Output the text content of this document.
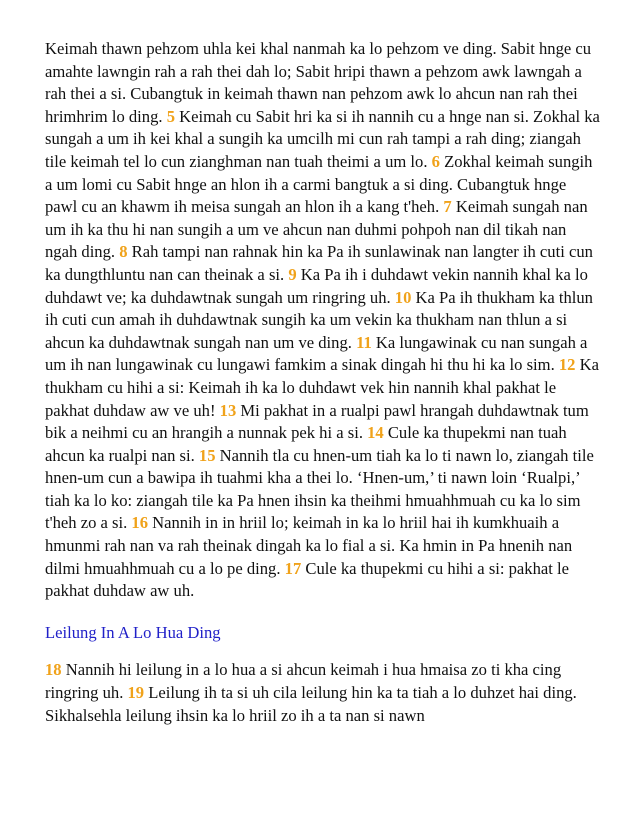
Keimah thawn pehzom uhla kei khal nanmah ka lo pehzom ve ding. Sabit hnge cu amahte lawngin rah a rah thei dah lo; Sabit hripi thawn a pehzom awk lawngah a rah thei a si. Cubangtuk in keimah thawn nan pehzom awk lo ahcun nan rah thei hrimhrim lo ding. 5 Keimah cu Sabit hri ka si ih nannih cu a hnge nan si. Zokhal ka sungah a um ih kei khal a sungih ka umcilh mi cun rah tampi a rah ding; ziangah tile keimah tel lo cun zianghman nan tuah theimi a um lo. 6 Zokhal keimah sungih a um lomi cu Sabit hnge an hlon ih a carmi bangtuk a si ding. Cubangtuk hnge pawl cu an khawm ih meisa sungah an hlon ih a kang t'heh. 7 Keimah sungah nan um ih ka thu hi nan sungih a um ve ahcun nan duhmi pohpoh nan dil tikah nan ngah ding. 8 Rah tampi nan rahnak hin ka Pa ih sunlawinak nan langter ih cuti cun ka dungthluntu nan can theinak a si. 9 Ka Pa ih i duhdawt vekin nannih khal ka lo duhdawt ve; ka duhdawtnak sungah um ringring uh. 10 Ka Pa ih thukham ka thlun ih cuti cun amah ih duhdawtnak sungih ka um vekin ka thukham nan thlun a si ahcun ka duhdawtnak sungah nan um ve ding. 11 Ka lungawinak cu nan sungah a um ih nan lungawinak cu lungawi famkim a sinak dingah hi thu hi ka lo sim. 12 Ka thukham cu hihi a si: Keimah ih ka lo duhdawt vek hin nannih khal pakhat le pakhat duhdaw aw ve uh! 13 Mi pakhat in a rualpi pawl hrangah duhdawtnak tum bik a neihmi cu an hrangih a nunnak pek hi a si. 14 Cule ka thupekmi nan tuah ahcun ka rualpi nan si. 15 Nannih tla cu hnen-um tiah ka lo ti nawn lo, ziangah tile hnen-um cun a bawipa ih tuahmi kha a thei lo. ‘Hnen-um,’ ti nawn loin ‘Rualpi,’ tiah ka lo ko: ziangah tile ka Pa hnen ihsin ka theihmi hmuahhmuah cu ka lo sim t'heh zo a si. 16 Nannih in in hriil lo; keimah in ka lo hriil hai ih kumkhuaih a hmunmi rah nan va rah theinak dingah ka lo fial a si. Ka hmin in Pa hnenih nan dilmi hmuahhmuah cu a lo pe ding. 17 Cule ka thupekmi cu hihi a si: pakhat le pakhat duhdaw aw uh.

Leilung In A Lo Hua Ding

18 Nannih hi leilung in a lo hua a si ahcun keimah i hua hmaisa zo ti kha cing ringring uh. 19 Leilung ih ta si uh cila leilung hin ka ta tiah a lo duhzet hai ding. Sikhalsehla leilung ihsin ka lo hriil zo ih a ta nan si nawn
